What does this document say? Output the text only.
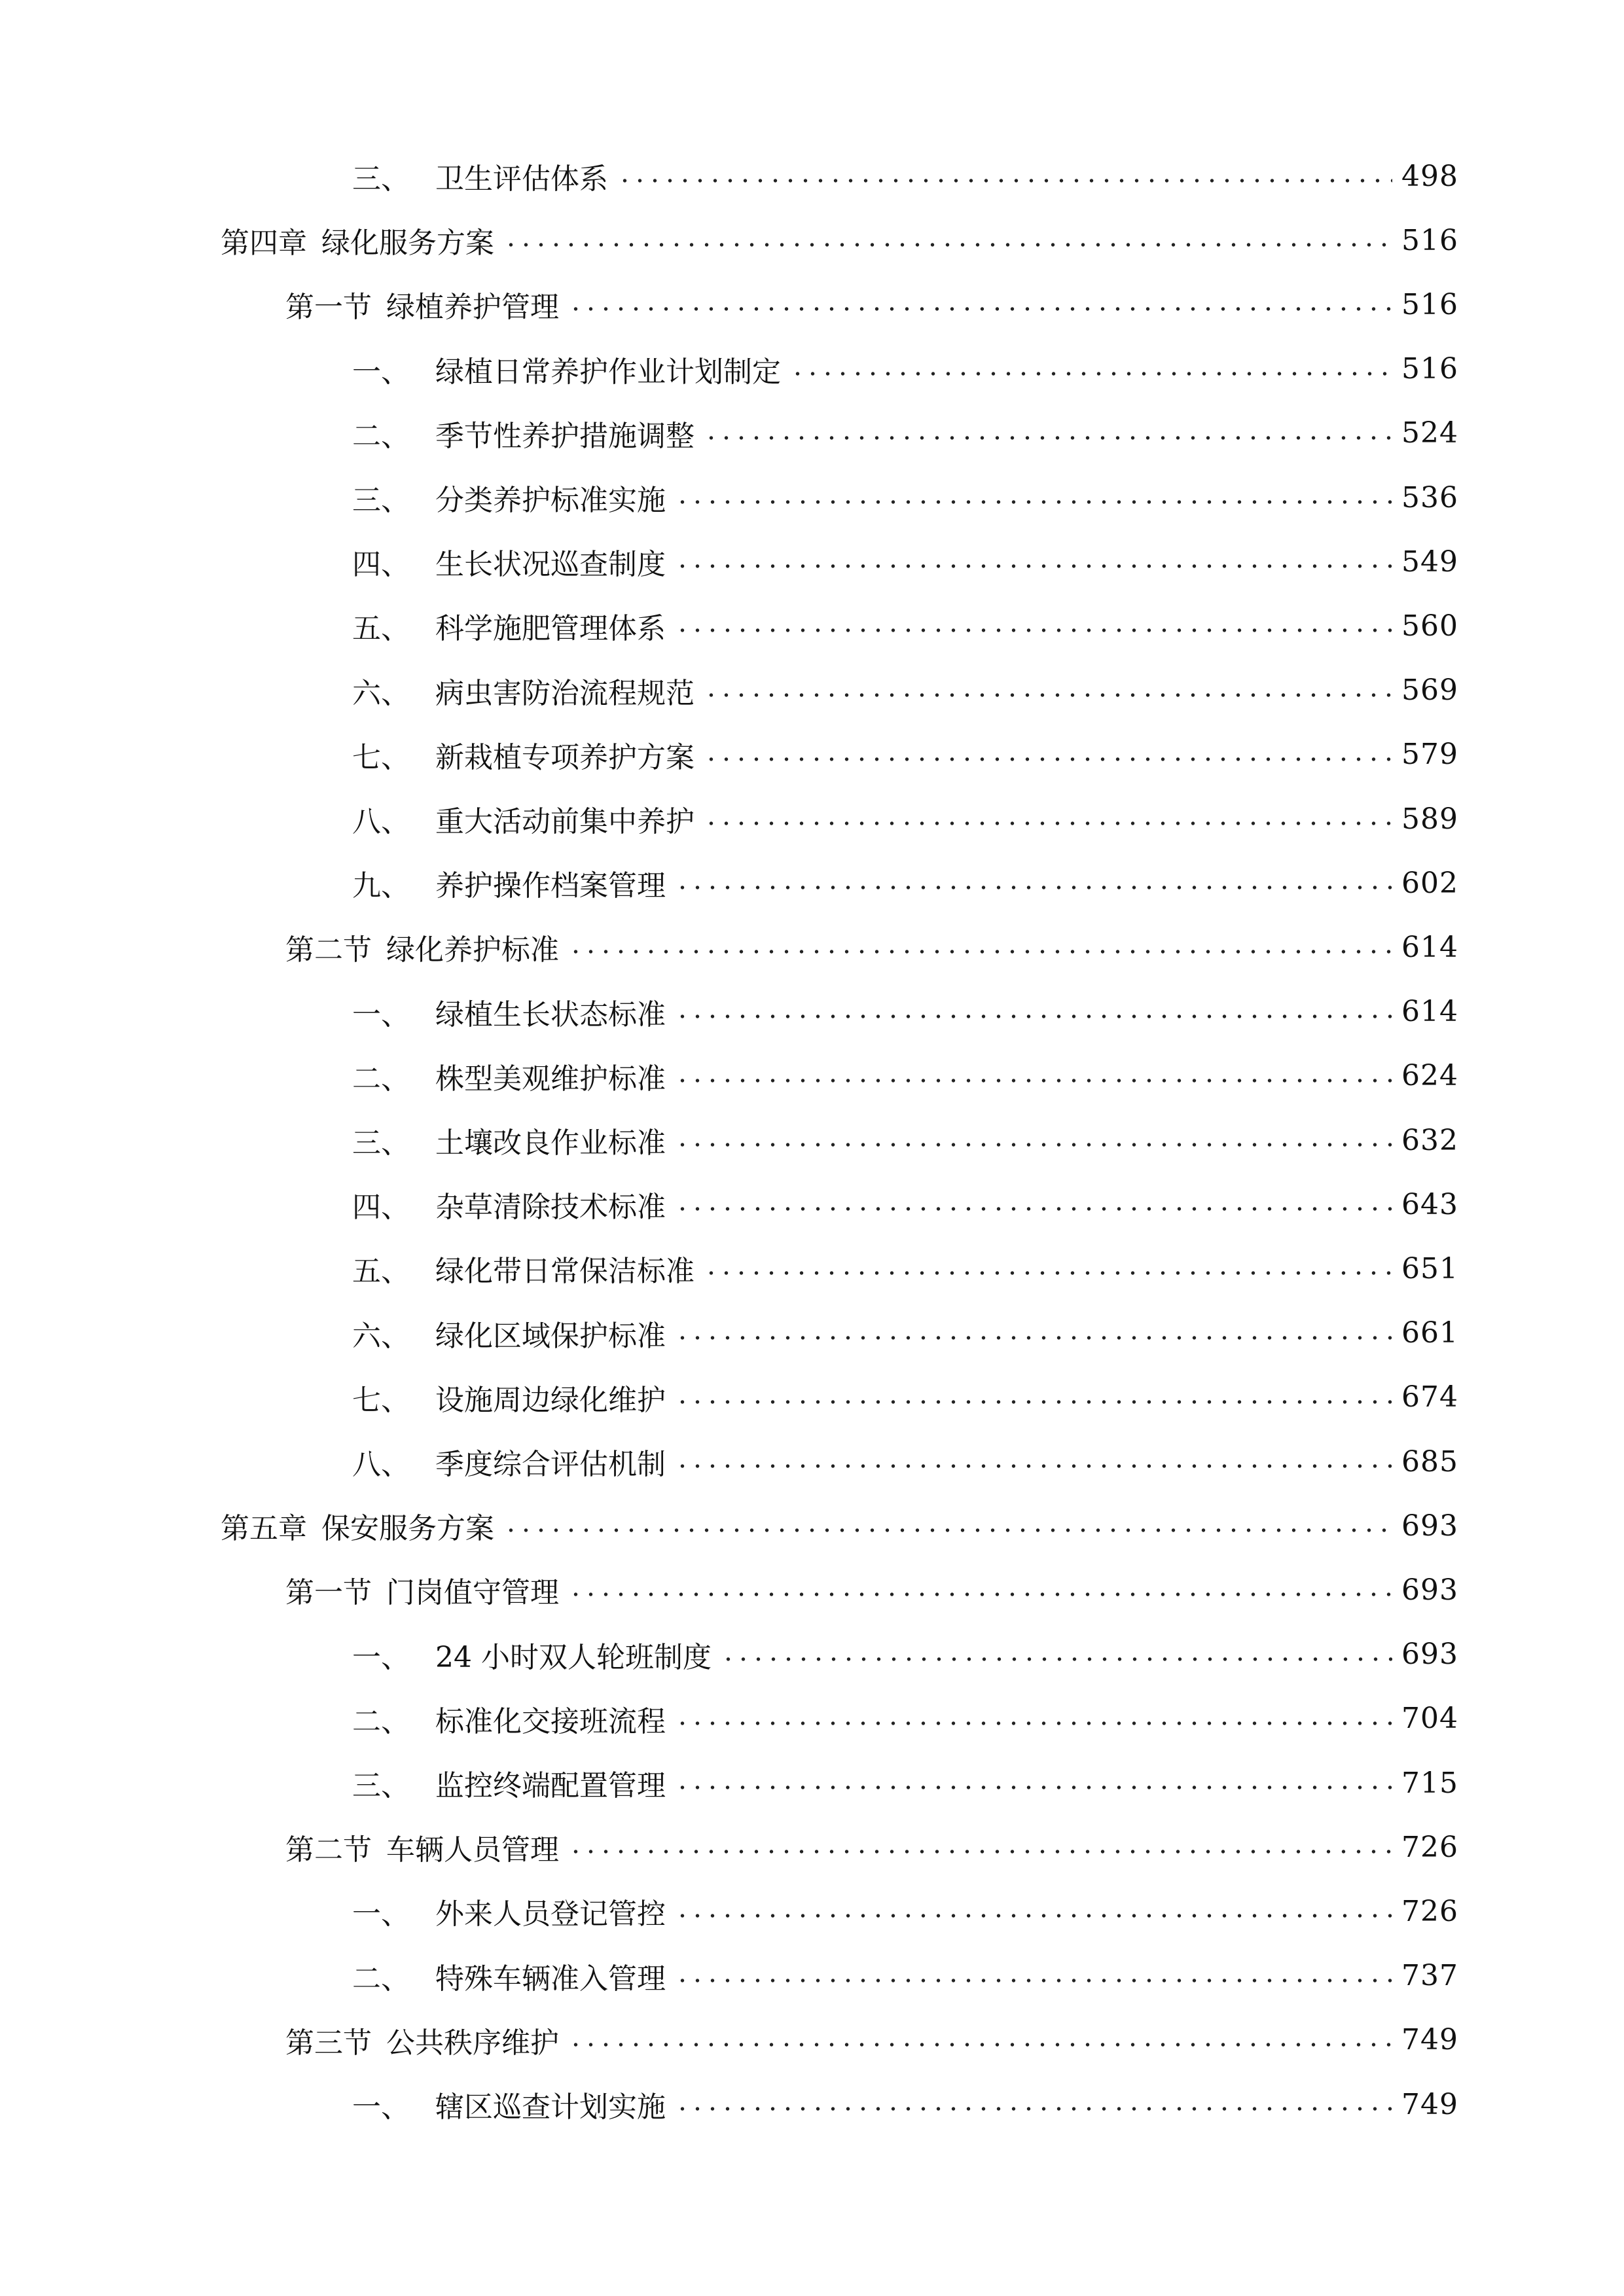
三、 卫生评估体系	498
第四章 绿化服务方案	516
第一节 绿植养护管理	516
一、 绿植日常养护作业计划制定	516
二、 季节性养护措施调整	524
三、 分类养护标准实施	536
四、 生长状况巡查制度	549
五、 科学施肥管理体系	560
六、 病虫害防治流程规范	569
七、 新栽植专项养护方案	579
八、 重大活动前集中养护	589
九、 养护操作档案管理	602
第二节 绿化养护标准	614
一、 绿植生长状态标准	614
二、 株型美观维护标准	624
三、 土壤改良作业标准	632
四、 杂草清除技术标准	643
五、 绿化带日常保洁标准	651
六、 绿化区域保护标准	661
七、 设施周边绿化维护	674
八、 季度综合评估机制	685
第五章 保安服务方案	693
第一节 门岗值守管理	693
一、 24 小时双人轮班制度	693
二、 标准化交接班流程	704
三、 监控终端配置管理	715
第二节 车辆人员管理	726
一、 外来人员登记管控	726
二、 特殊车辆准入管理	737
第三节 公共秩序维护	749
一、 辖区巡查计划实施	749
